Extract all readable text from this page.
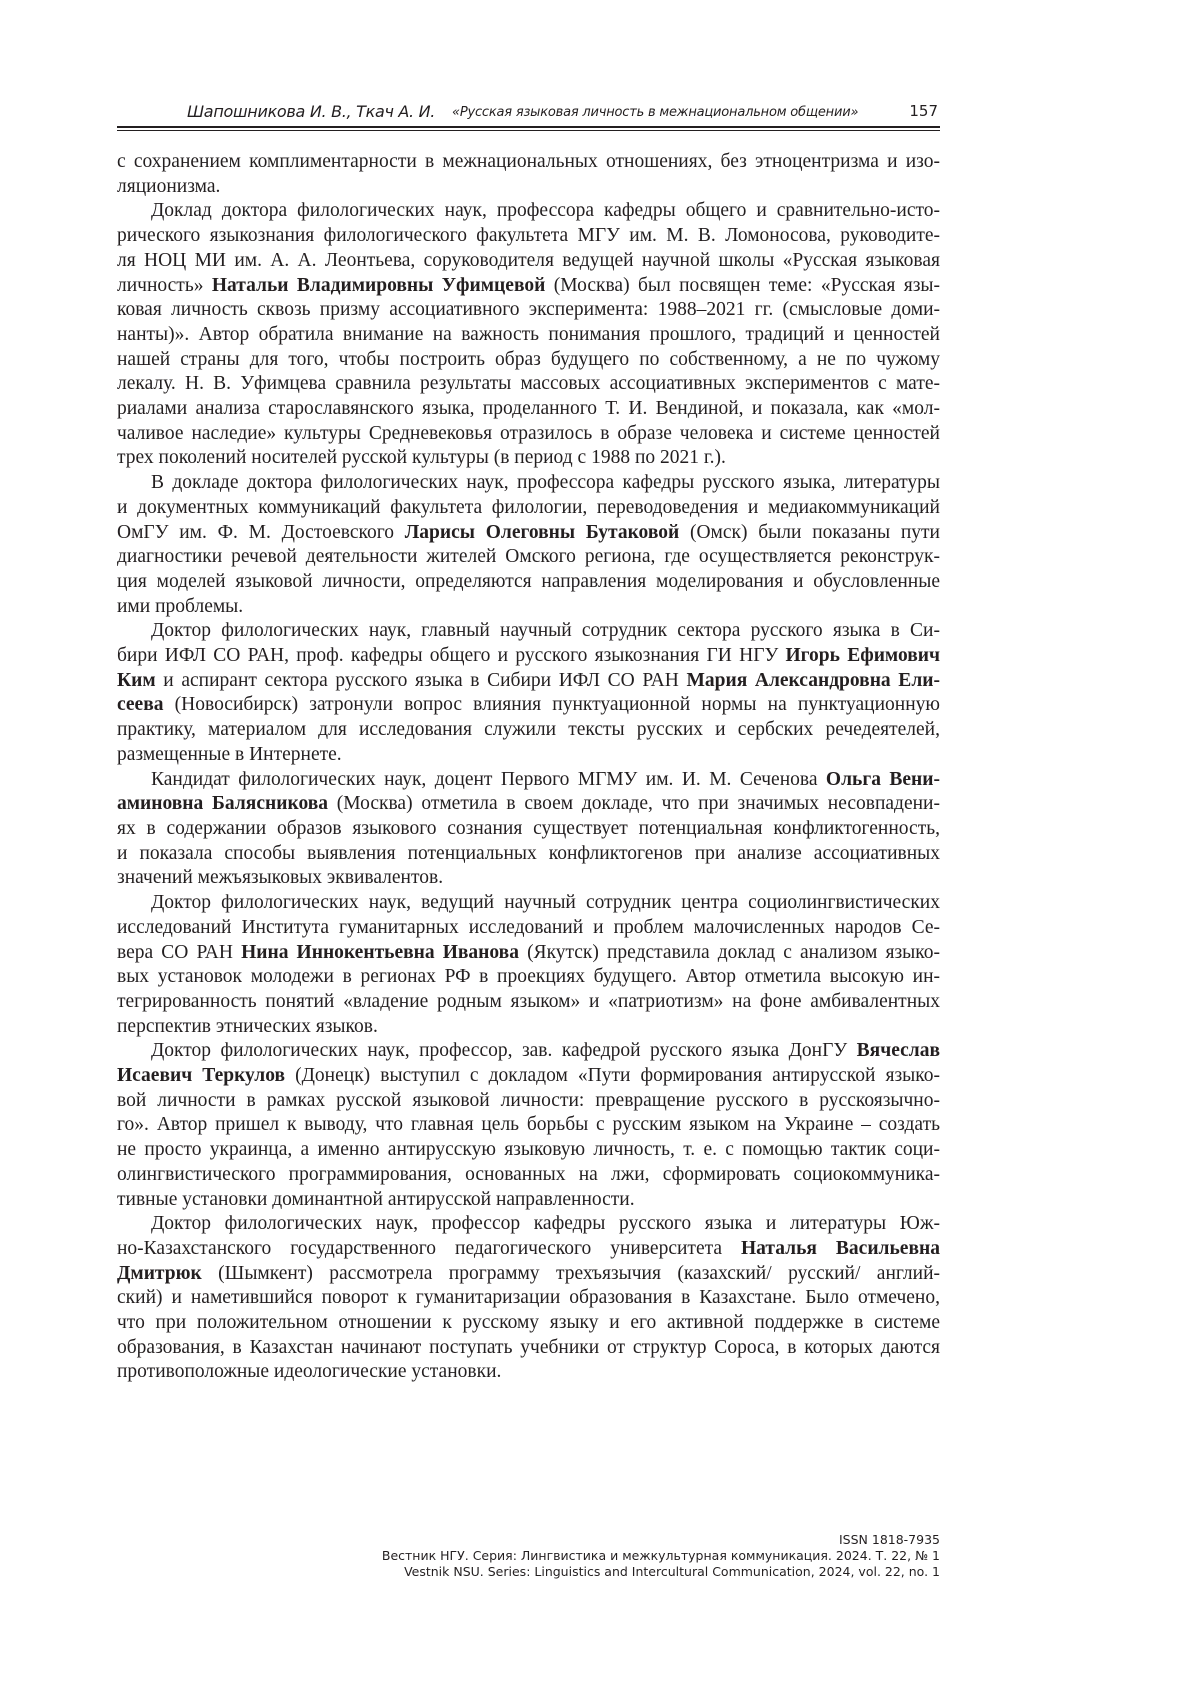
Шапошникова И. В., Ткач А. И. «Русская языковая личность в межнациональном общении»	157
с сохранением комплиментарности в межнациональных отношениях, без этноцентризма и изо-
ляционизма.
Доклад доктора филологических наук, профессора кафедры общего и сравнительно-исто-
рического языкознания филологического факультета МГУ им. М. В. Ломоносова, руководите-
ля НОЦ МИ им. А. А. Леонтьева, соруководителя ведущей научной школы «Русская языковая
личность» Натальи Владимировны Уфимцевой (Москва) был посвящен теме: «Русская язы-
ковая личность сквозь призму ассоциативного эксперимента: 1988–2021 гг. (смысловые доми-
нанты)». Автор обратила внимание на важность понимания прошлого, традиций и ценностей
нашей страны для того, чтобы построить образ будущего по собственному, а не по чужому
лекалу. Н. В. Уфимцева сравнила результаты массовых ассоциативных экспериментов с мате-
риалами анализа старославянского языка, проделанного Т. И. Вендиной, и показала, как «мол-
чаливое наследие» культуры Средневековья отразилось в образе человека и системе ценностей
трех поколений носителей русской культуры (в период с 1988 по 2021 г.).
В докладе доктора филологических наук, профессора кафедры русского языка, литературы
и документных коммуникаций факультета филологии, переводоведения и медиакоммуникаций
ОмГУ им. Ф. М. Достоевского Ларисы Олеговны Бутаковой (Омск) были показаны пути
диагностики речевой деятельности жителей Омского региона, где осуществляется реконструк-
ция моделей языковой личности, определяются направления моделирования и обусловленные
ими проблемы.
Доктор филологических наук, главный научный сотрудник сектора русского языка в Си-
бири ИФЛ СО РАН, проф. кафедры общего и русского языкознания ГИ НГУ Игорь Ефимович
Ким и аспирант сектора русского языка в Сибири ИФЛ СО РАН Мария Александровна Ели-
сеева (Новосибирск) затронули вопрос влияния пунктуационной нормы на пунктуационную
практику, материалом для исследования служили тексты русских и сербских речедеятелей,
размещенные в Интернете.
Кандидат филологических наук, доцент Первого МГМУ им. И. М. Сеченова Ольга Вени-
аминовна Балясникова (Москва) отметила в своем докладе, что при значимых несовпадени-
ях в содержании образов языкового сознания существует потенциальная конфликтогенность,
и показала способы выявления потенциальных конфликтогенов при анализе ассоциативных
значений межъязыковых эквивалентов.
Доктор филологических наук, ведущий научный сотрудник центра социолингвистических
исследований Института гуманитарных исследований и проблем малочисленных народов Се-
вера СО РАН Нина Иннокентьевна Иванова (Якутск) представила доклад с анализом языко-
вых установок молодежи в регионах РФ в проекциях будущего. Автор отметила высокую ин-
тегрированность понятий «владение родным языком» и «патриотизм» на фоне амбивалентных
перспектив этнических языков.
Доктор филологических наук, профессор, зав. кафедрой русского языка ДонГУ Вячеслав
Исаевич Теркулов (Донецк) выступил с докладом «Пути формирования антирусской языко-
вой личности в рамках русской языковой личности: превращение русского в русскоязычно-
го». Автор пришел к выводу, что главная цель борьбы с русским языком на Украине – создать
не просто украинца, а именно антирусскую языковую личность, т. е. с помощью тактик соци-
олингвистического программирования, основанных на лжи, сформировать социокоммуника-
тивные установки доминантной антирусской направленности.
Доктор филологических наук, профессор кафедры русского языка и литературы Юж-
но-Казахстанского государственного педагогического университета Наталья Васильевна
Дмитрюк (Шымкент) рассмотрела программу трехъязычия (казахский/ русский/ англий-
ский) и наметившийся поворот к гуманитаризации образования в Казахстане. Было отмечено,
что при положительном отношении к русскому языку и его активной поддержке в системе
образования, в Казахстан начинают поступать учебники от структур Сороса, в которых даются
противоположные идеологические установки.
ISSN 1818-7935
Вестник НГУ. Серия: Лингвистика и межкультурная коммуникация. 2024. Т. 22, № 1
Vestnik NSU. Series: Linguistics and Intercultural Communication, 2024, vol. 22, no. 1
